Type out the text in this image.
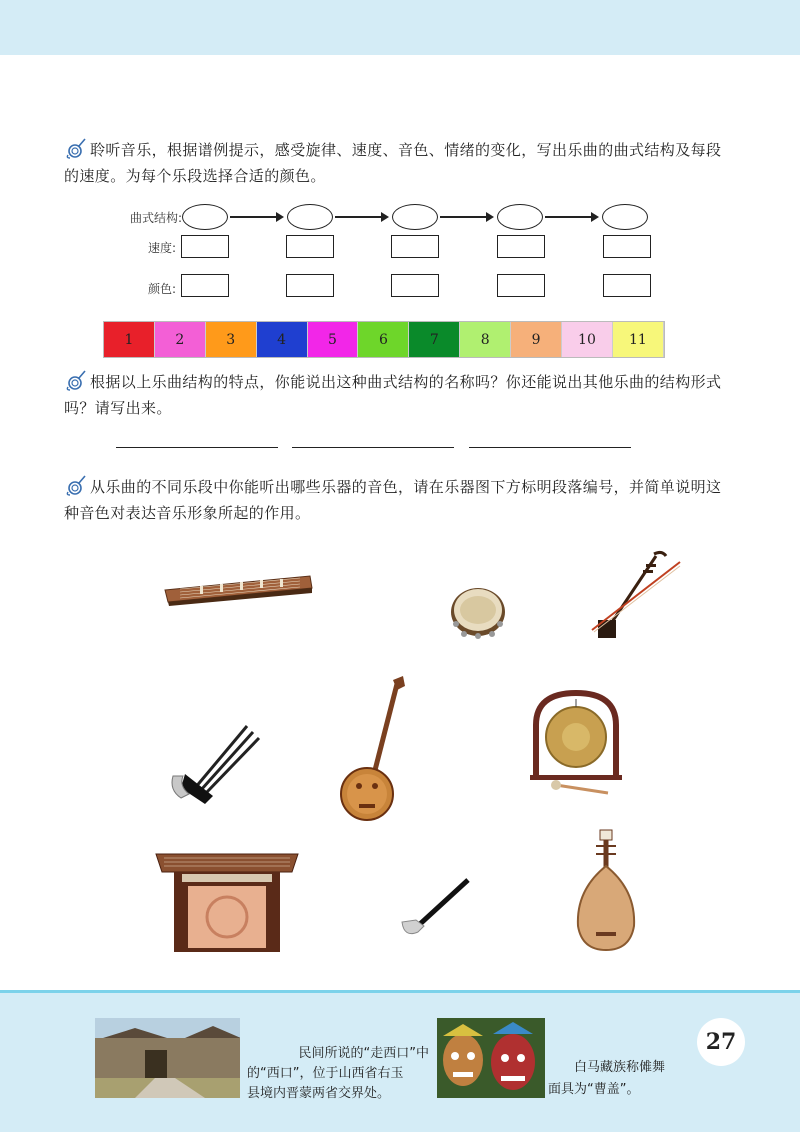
聆听音乐，根据谱例提示，感受旋律、速度、音色、情绪的变化，写出乐曲的曲式结构及每段的速度。为每个乐段选择合适的颜色。
曲式结构:
速度:
颜色:
1	2	3	4	5	6	7	8	9	10	11
根据以上乐曲结构的特点，你能说出这种曲式结构的名称吗？你还能说出其他乐曲的结构形式吗？请写出来。
从乐曲的不同乐段中你能听出哪些乐器的音色，请在乐器图下方标明段落编号，并简单说明这种音色对表达音乐形象所起的作用。
民间所说的“走西口”中
的“西口”，位于山西省右玉
县境内晋蒙两省交界处。
白马藏族称傩舞
面具为“曹盖”。
27
